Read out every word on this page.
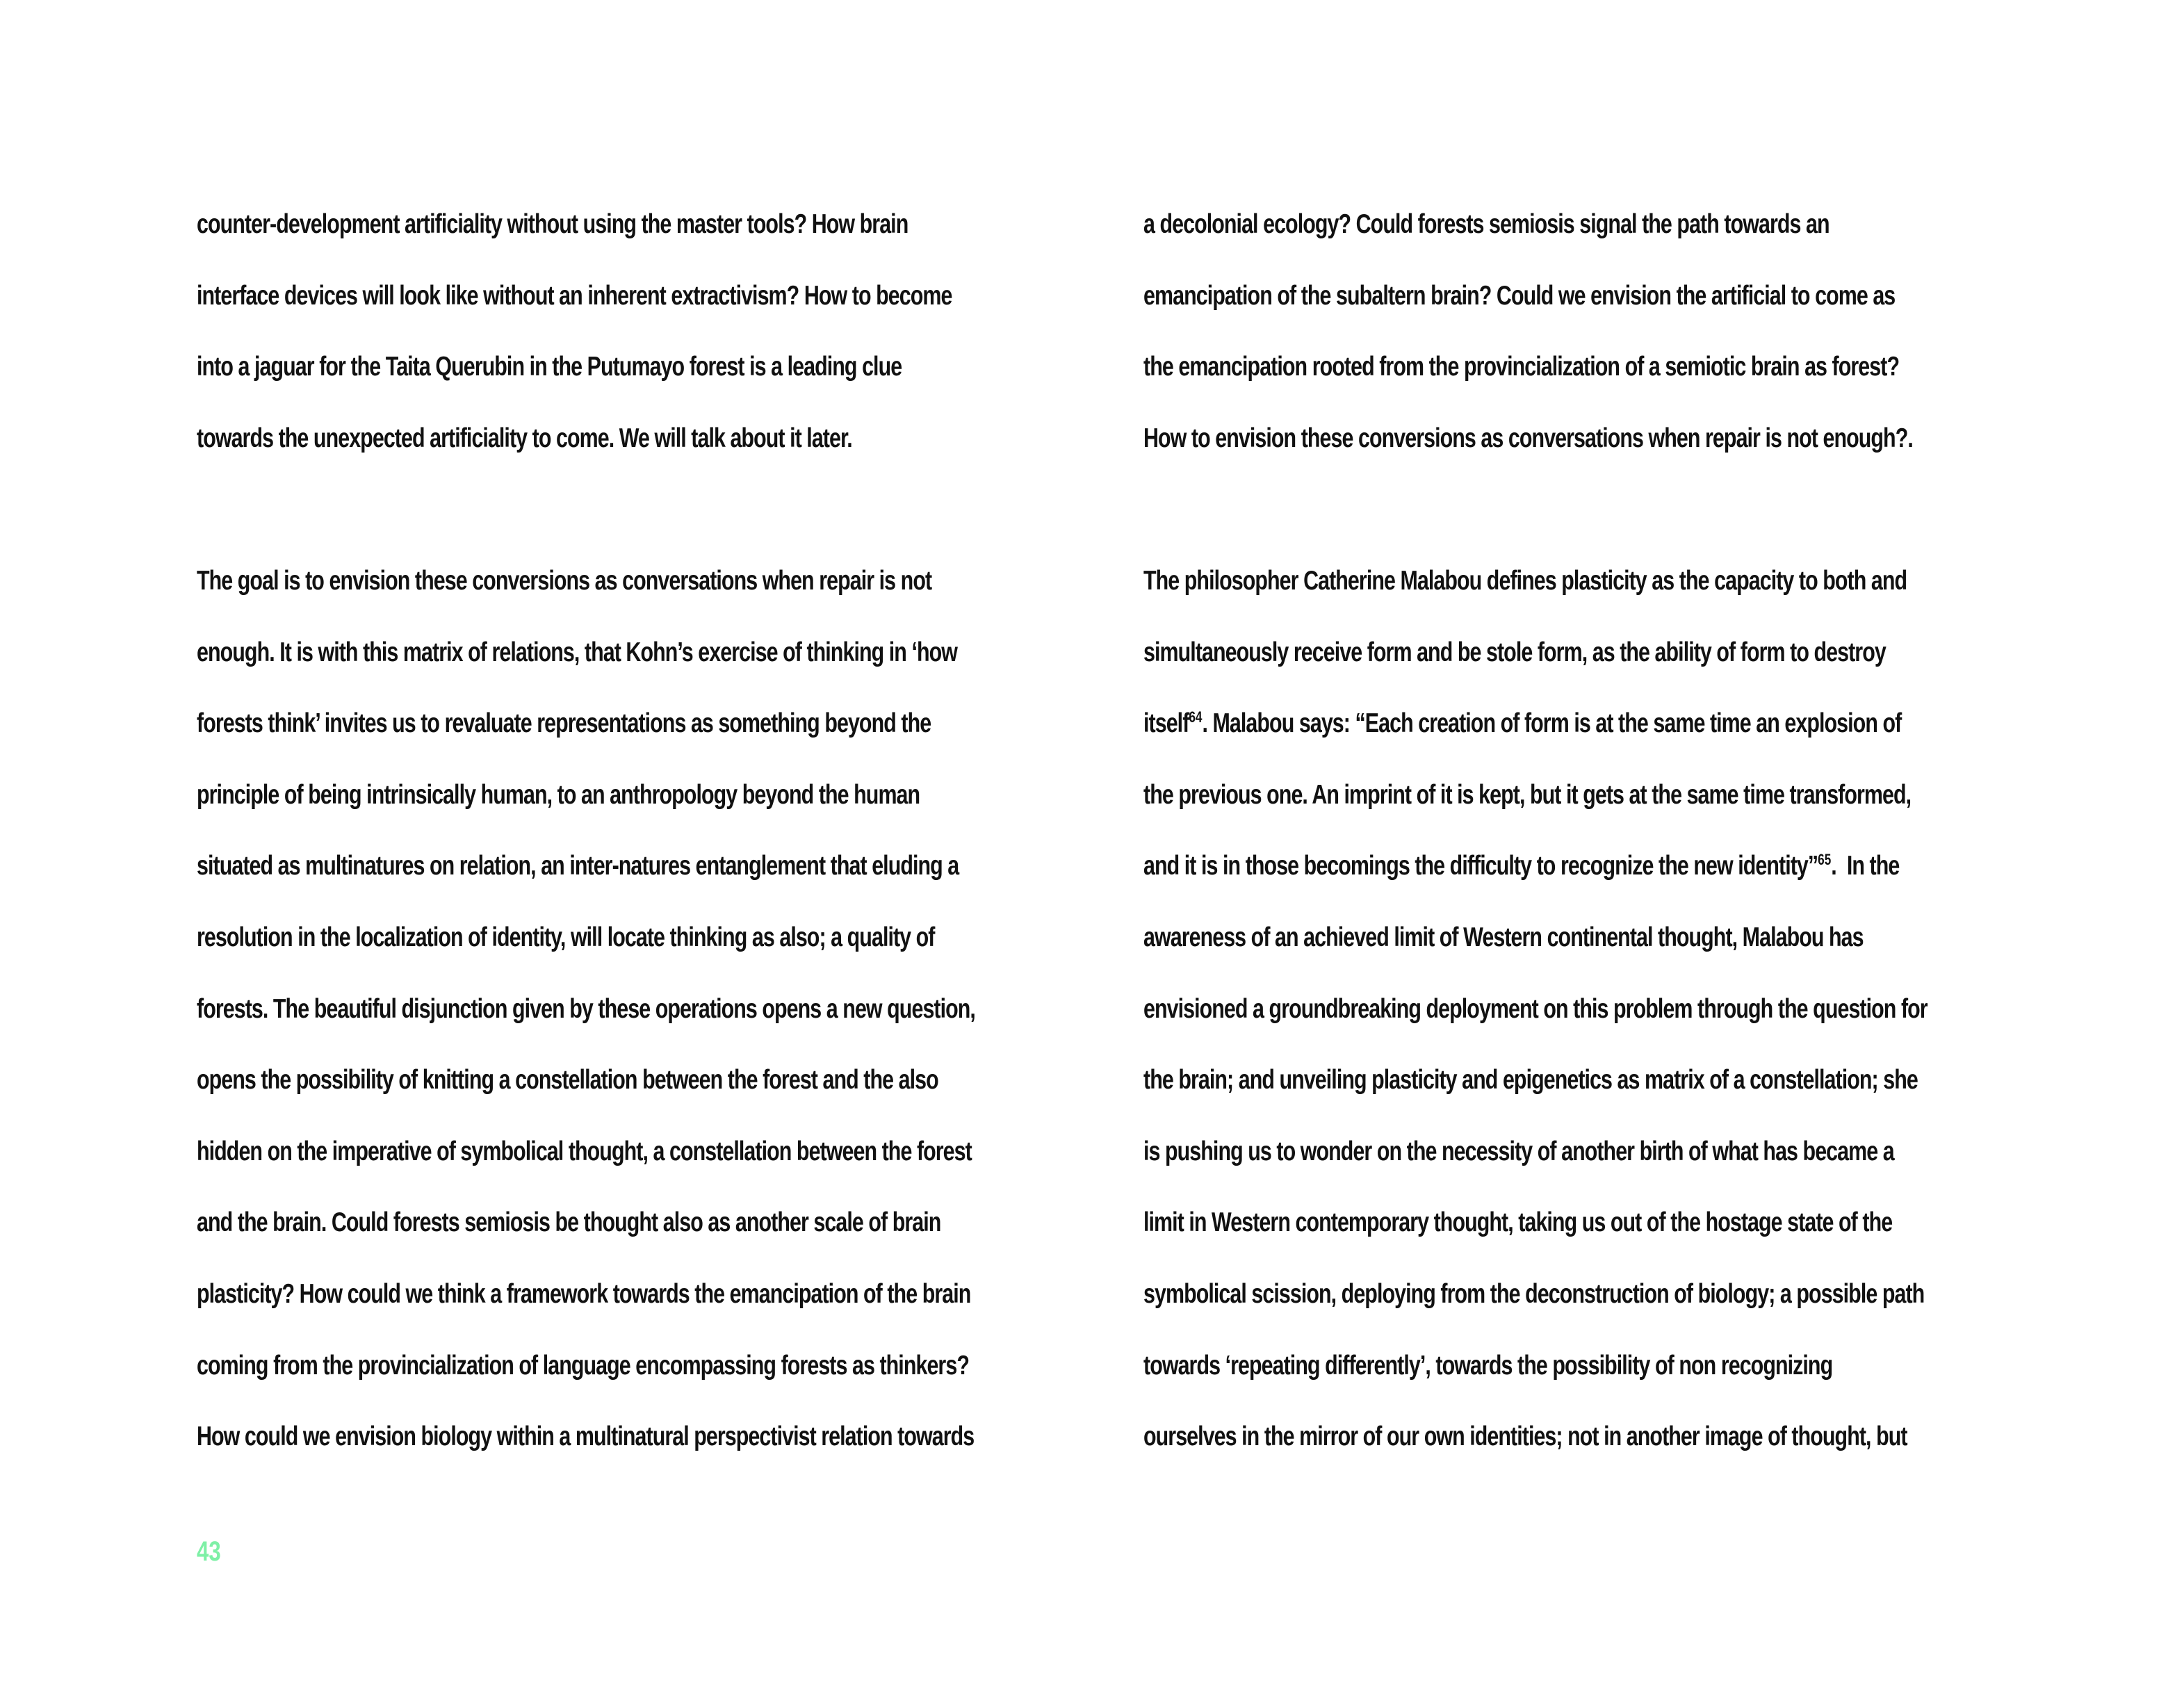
counter-development artificiality without using the master tools? How brain
interface devices will look like without an inherent extractivism? How to become
into a jaguar for the Taita Querubin in the Putumayo forest is a leading clue
towards the unexpected artificiality to come. We will talk about it later.
The goal is to envision these conversions as conversations when repair is not
enough. It is with this matrix of relations, that Kohn’s exercise of thinking in ‘how
forests think’ invites us to revaluate representations as something beyond the
principle of being intrinsically human, to an anthropology beyond the human
situated as multinatures on relation, an inter-natures entanglement that eluding a
resolution in the localization of identity, will locate thinking as also; a quality of
forests. The beautiful disjunction given by these operations opens a new question,
opens the possibility of knitting a constellation between the forest and the also
hidden on the imperative of symbolical thought, a constellation between the forest
and the brain. Could forests semiosis be thought also as another scale of brain
plasticity? How could we think a framework towards the emancipation of the brain
coming from the provincialization of language encompassing forests as thinkers?
How could we envision biology within a multinatural perspectivist relation towards
a decolonial ecology? Could forests semiosis signal the path towards an
emancipation of the subaltern brain? Could we envision the artificial to come as
the emancipation rooted from the provincialization of a semiotic brain as forest?
How to envision these conversions as conversations when repair is not enough?.
The philosopher Catherine Malabou defines plasticity as the capacity to both and
simultaneously receive form and be stole form, as the ability of form to destroy
itself$^{64}$. Malabou says: “Each creation of form is at the same time an explosion of
the previous one. An imprint of it is kept, but it gets at the same time transformed,
and it is in those becomings the difficulty to recognize the new identity”$^{65}$.  In the
awareness of an achieved limit of Western continental thought, Malabou has
envisioned a groundbreaking deployment on this problem through the question for
the brain; and unveiling plasticity and epigenetics as matrix of a constellation; she
is pushing us to wonder on the necessity of another birth of what has became a
limit in Western contemporary thought, taking us out of the hostage state of the
symbolical scission, deploying from the deconstruction of biology; a possible path
towards ‘repeating differently’, towards the possibility of non recognizing
ourselves in the mirror of our own identities; not in another image of thought, but
43
